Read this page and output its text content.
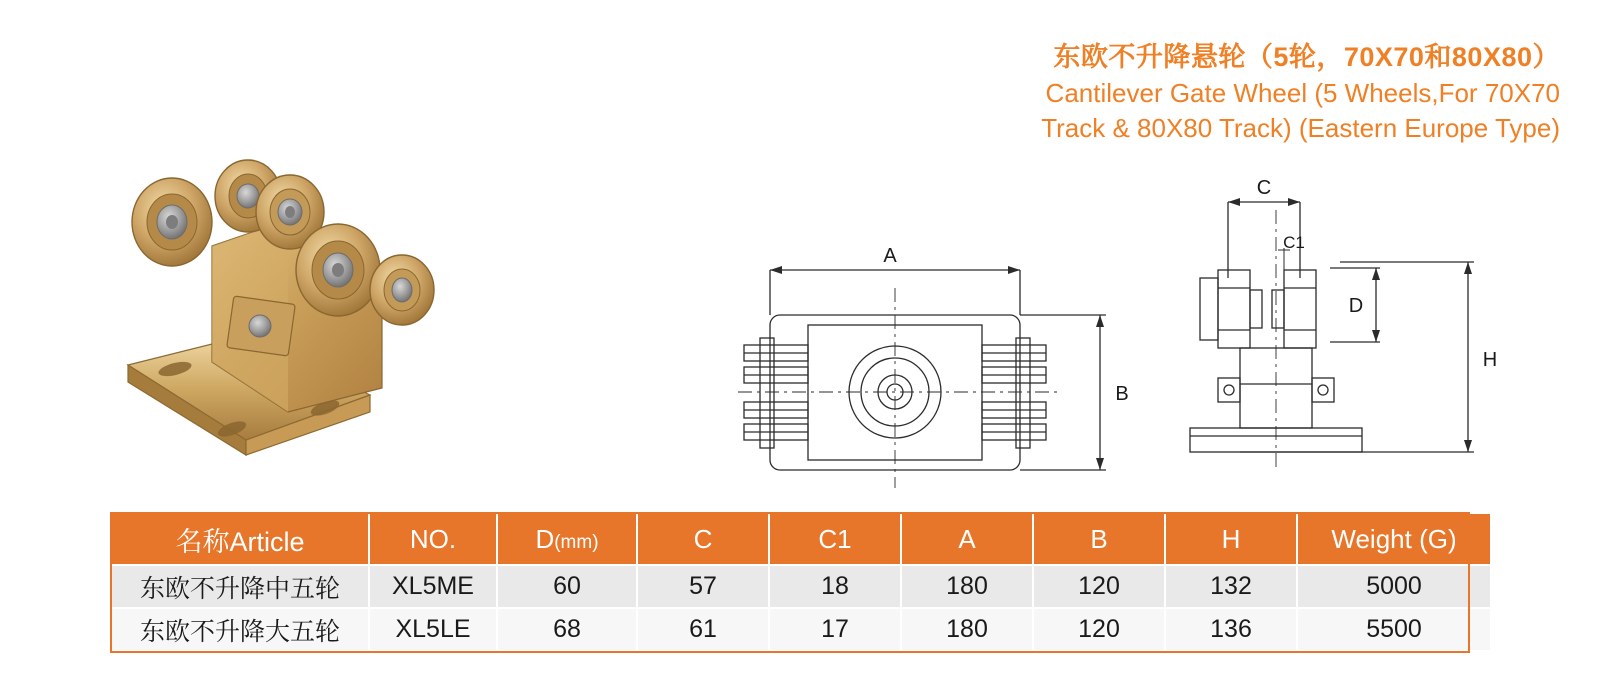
东欧不升降悬轮（5轮，70X70和80X80）
Cantilever Gate Wheel (5 Wheels,For 70X70
Track & 80X80 Track) (Eastern Europe Type)
A
B
C
C1
D
H
名称Article	NO.	D(mm)	C	C1	A	B	H	Weight (G)
东欧不升降中五轮	XL5ME	60	57	18	180	120	132	5000
东欧不升降大五轮	XL5LE	68	61	17	180	120	136	5500
